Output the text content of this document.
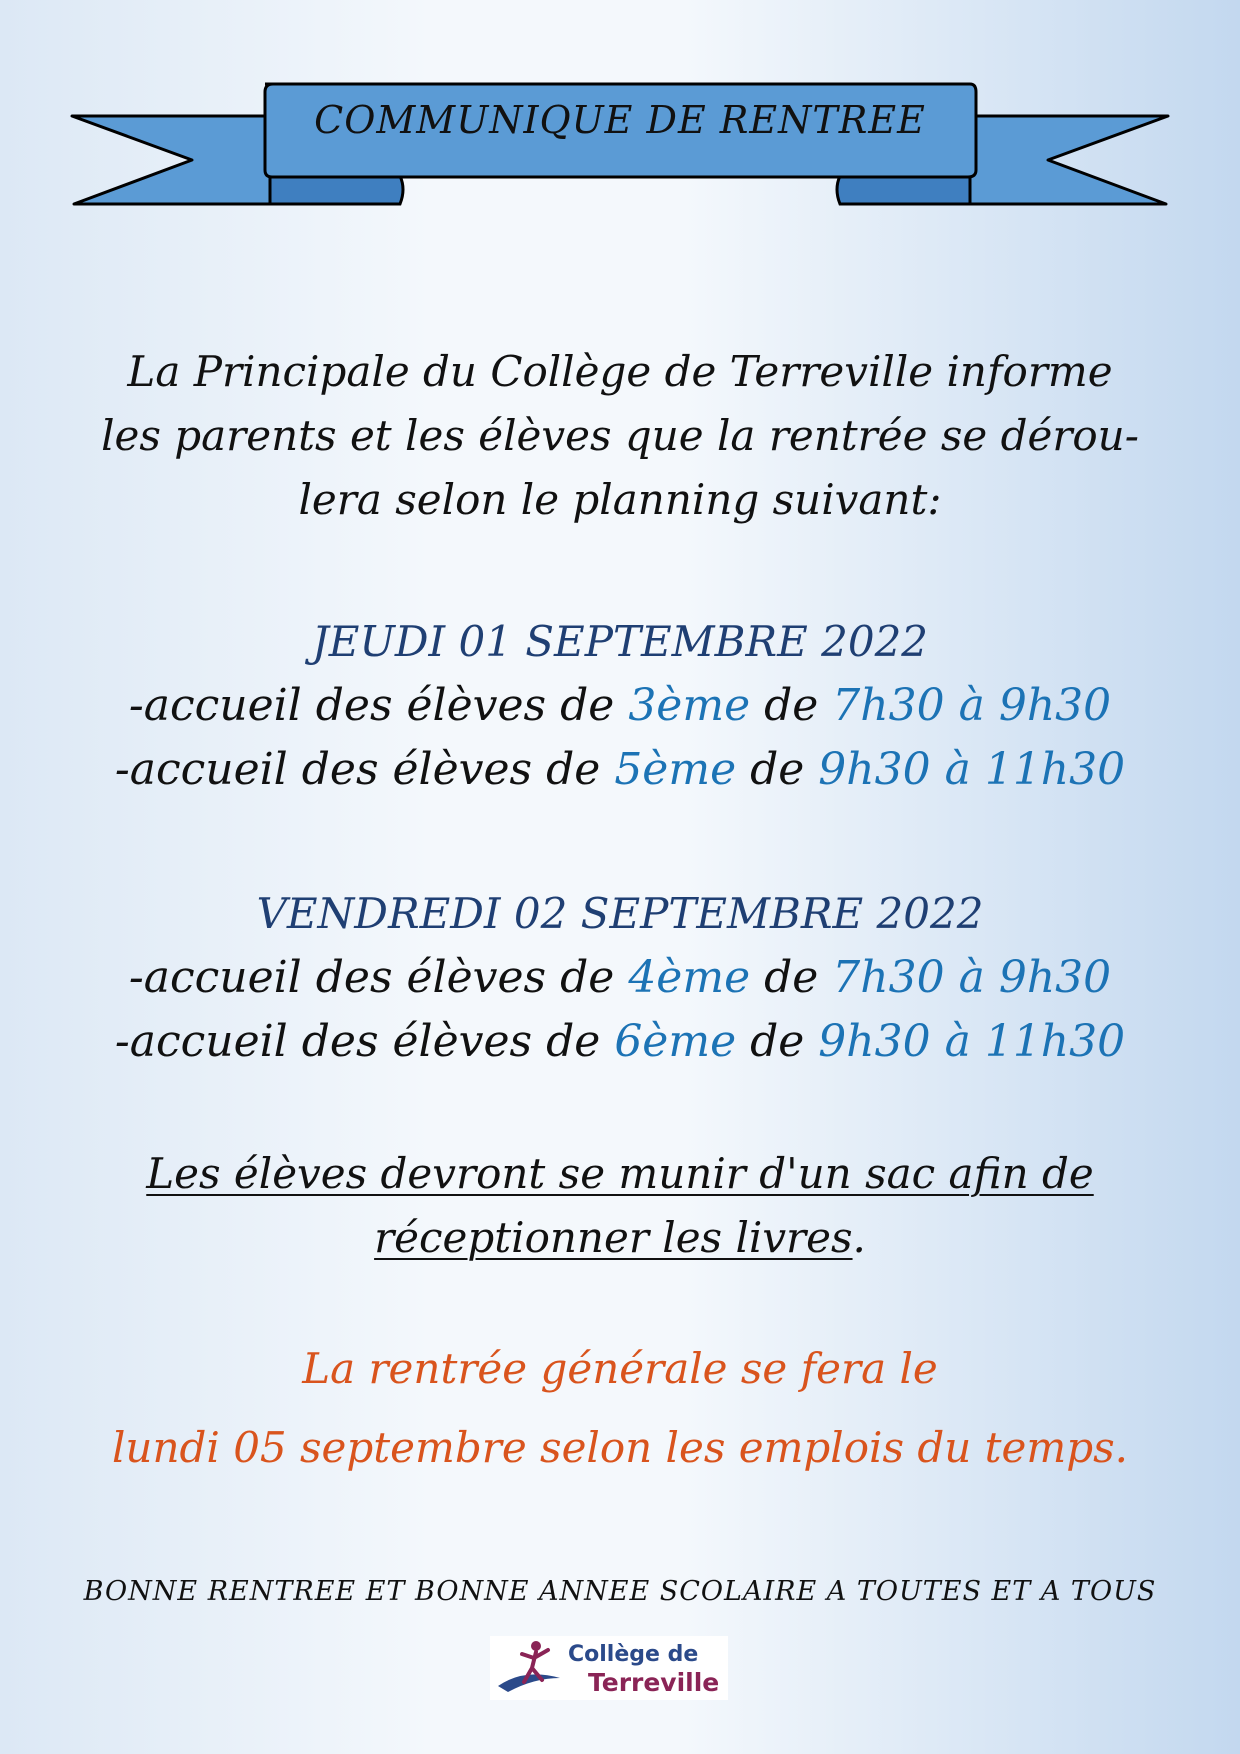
COMMUNIQUE DE RENTREE
La Principale du Collège de Terreville informe
les parents et les élèves que la rentrée se dérou-
lera selon le planning suivant:
JEUDI 01 SEPTEMBRE 2022
-accueil des élèves de 3ème de 7h30 à 9h30
-accueil des élèves de 5ème de 9h30 à 11h30
VENDREDI 02 SEPTEMBRE 2022
-accueil des élèves de 4ème de 7h30 à 9h30
-accueil des élèves de 6ème de 9h30 à 11h30
Les élèves devront se munir d'un sac afin de
réceptionner les livres.
La rentrée générale se fera le
lundi 05 septembre selon les emplois du temps.
BONNE RENTREE ET BONNE ANNEE SCOLAIRE A TOUTES ET A TOUS
Collège de
Terreville
